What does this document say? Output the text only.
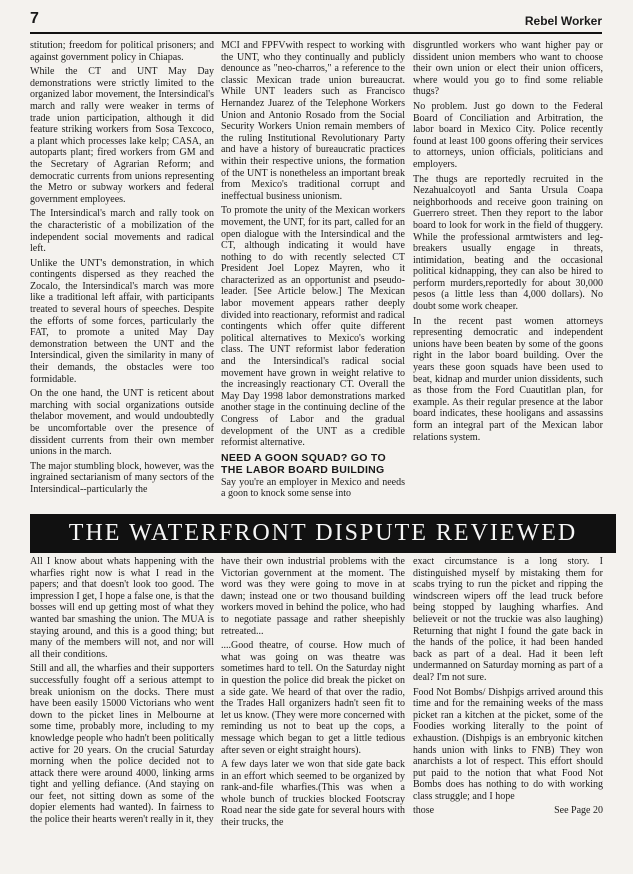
7	Rebel Worker

stitution; freedom for political prisoners; and against government policy in Chiapas.

While the CT and UNT May Day demonstrations were strictly limited to the organized labor movement, the Intersindical's march and rally were weaker in terms of trade union participation, although it did feature striking workers from Sosa Texcoco, a plant which processes lake kelp; CASA, an autoparts plant; fired workers from GM and the Secretary of Agrarian Reform; and democratic currents from unions representing the Metro or subway workers and federal government employees.

The Intersindical's march and rally took on the characteristic of a mobilization of the independent social movements and radical left.

Unlike the UNT's demonstration, in which contingents dispersed as they reached the Zocalo, the Intersindical's march was more like a traditional left affair, with participants treated to several hours of speeches. Despite the efforts of some forces, particularly the FAT, to promote a united May Day demonstration between the UNT and the Intersindical, given the similarity in many of their demands, the obstacles were too formidable.

On the one hand, the UNT is reticent about marching with social organizations outside thelabor movement, and would undoubtedly be uncomfortable over the presence of dissident currents from their own member unions in the march.

The major stumbling block, however, was the ingrained sectarianism of many sectors of the Intersindical--particularly the

MCI and FPFVwith respect to working with the UNT, who they continually and publicly denounce as "neo-charros," a reference to the classic Mexican trade union bureaucrat. While UNT leaders such as Francisco Hernandez Juarez of the Telephone Workers Union and Antonio Rosado from the Social Security Workers Union remain members of the ruling Institutional Revolutionary Party and have a history of bureaucratic practices within their respective unions, the formation of the UNT is nonetheless an important break from Mexico's traditional corrupt and ineffectual business unionism.

To promote the unity of the Mexican workers movement, the UNT, for its part, called for an open dialogue with the Intersindical and the CT, although indicating it would have nothing to do with recently selected CT President Joel Lopez Mayren, who it characterized as an opportunist and pseudo-leader. [See Article below.] The Mexican labor movement appears rather deeply divided into reactionary, reformist and radical contingents which offer quite different political alternatives to Mexico's working class. The UNT reformist labor federation and the Intersindical's radical social movement have grown in weight relative to the increasingly reactionary CT. Overall the May Day 1998 labor demonstrations marked another stage in the continuing decline of the Congress of Labor and the gradual development of the UNT as a credible reformist alternative.

NEED A GOON SQUAD? GO TO THE LABOR BOARD BUILDING

Say you're an employer in Mexico and needs a goon to knock some sense into

disgruntled workers who want higher pay or dissident union members who want to choose their own union or elect their union officers, where would you go to find some reliable thugs?

No problem. Just go down to the Federal Board of Conciliation and Arbitration, the labor board in Mexico City. Police recently found at least 100 goons offering their services to attorneys, union officials, politicians and employers.

The thugs are reportedly recruited in the Nezahualcoyotl and Santa Ursula Coapa neighborhoods and receive goon training on Guerrero street. Then they report to the labor board to look for work in the field of thuggery. While the professional armtwisters and leg-breakers usually engage in threats, intimidation, beating and the occasional political kidnapping, they can also be hired to perform murders,reportedly for about 30,000 pesos (a little less than 4,000 dollars). No doubt some work cheaper.

In the recent past women attorneys representing democratic and independent unions have been beaten by some of the goons right in the labor board building. Over the years these goon squads have been used to beat, kidnap and murder union dissidents, such as those from the Ford Cuautitlan plan, for example. As their regular presence at the labor board indicates, these hooligans and assassins form an integral part of the Mexican labor relations system.

THE WATERFRONT DISPUTE REVIEWED

All I know about whats happening with the wharfies right now is what I read in the papers; and that doesn't look too good. The impression I get, I hope a false one, is that the bosses will end up getting most of what they wanted bar smashing the union. The MUA is staying around, and this is a good thing; but many of the members will not, and nor will all their conditions.

Still and all, the wharfies and their supporters successfully fought off a serious attempt to break unionism on the docks. There must have been easily 15000 Victorians who went down to the picket lines in Melbourne at some time, probably more, including to my knowledge people who hadn't been politically active for 20 years. On the crucial Saturday morning when the police decided not to attack there were around 4000, linking arms tight and yelling defiance. (And staying on our feet, not sitting down as some of the dopier elements had wanted). In fairness to the police their hearts weren't really in it, they

have their own industrial problems with the Victorian government at the moment. The word was they were going to move in at dawn; instead one or two thousand building workers moved in behind the police, who had to negotiate passage and rather sheepishly retreated...

....Good theatre, of course. How much of what was going on was theatre was sometimes hard to tell. On the Saturday night in question the police did break the picket on a side gate. We heard of that over the radio, the Trades Hall organizers hadn't seen fit to let us know. (They were more concerned with reminding us not to beat up the cops, a message which began to get a little tedious after seven or eight straight hours).

A few days later we won that side gate back in an effort which seemed to be organized by rank-and-file wharfies.(This was when a whole bunch of truckies blocked Footscray Road near the side gate for several hours with their trucks, the

exact circumstance is a long story. I distinguished myself by mistaking them for scabs trying to run the picket and ripping the windscreen wipers off the lead truck before being stopped by laughing wharfies. And believeit or not the truckie was also laughing) Returning that night I found the gate back in the hands of the police, it had been handed back as part of a deal. Had it been left undermanned on Saturday morning as part of a deal? I'm not sure.

Food Not Bombs/ Dishpigs arrived around this time and for the remaining weeks of the mass picket ran a kitchen at the picket, some of the Foodies working literally to the point of exhaustion. (Dishpigs is an embryonic kitchen hands union with links to FNB) They won anarchists a lot of respect. This effort should put paid to the notion that what Food Not Bombs does has nothing to do with working class struggle; and I hope

those	See Page 20
